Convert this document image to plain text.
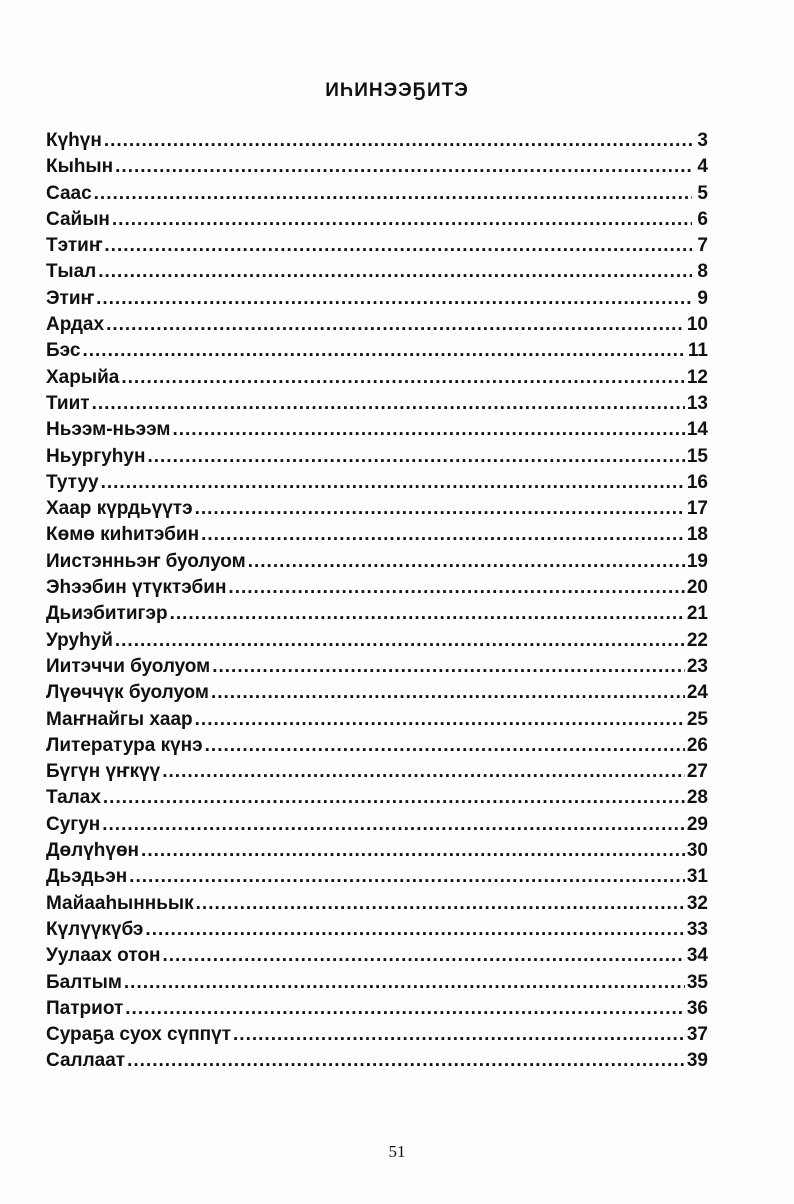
ИҺИНЭЭҔИТЭ
Күһүн .....	3
Кыһын .....	4
Саас .....	5
Сайын .....	6
Тэтиҥ .....	7
Тыал .....	8
Этиҥ .....	9
Ардах .....	10
Бэс .....	11
Харыйа .....	12
Тиит .....	13
Ньээм-ньээм .....	14
Ньургуһун .....	15
Тутуу .....	16
Хаар күрдьүүтэ .....	17
Көмө киһитэбин .....	18
Иистэнньэҥ буолуом .....	19
Эһээбин үтүктэбин .....	20
Дьиэбитигэр .....	21
Уруһуй .....	22
Иитэччи буолуом .....	23
Лүөччүк буолуом .....	24
Маҥнайгы хаар .....	25
Литература күнэ .....	26
Бүгүн үҥкүү .....	27
Талах .....	28
Сугун .....	29
Дөлүһүөн .....	30
Дьэдьэн .....	31
Майааһынньык .....	32
Күлүүкүбэ .....	33
Уулаах отон .....	34
Балтым .....	35
Патриот .....	36
Сураҕа суох сүппүт .....	37
Саллаат .....	39
51
